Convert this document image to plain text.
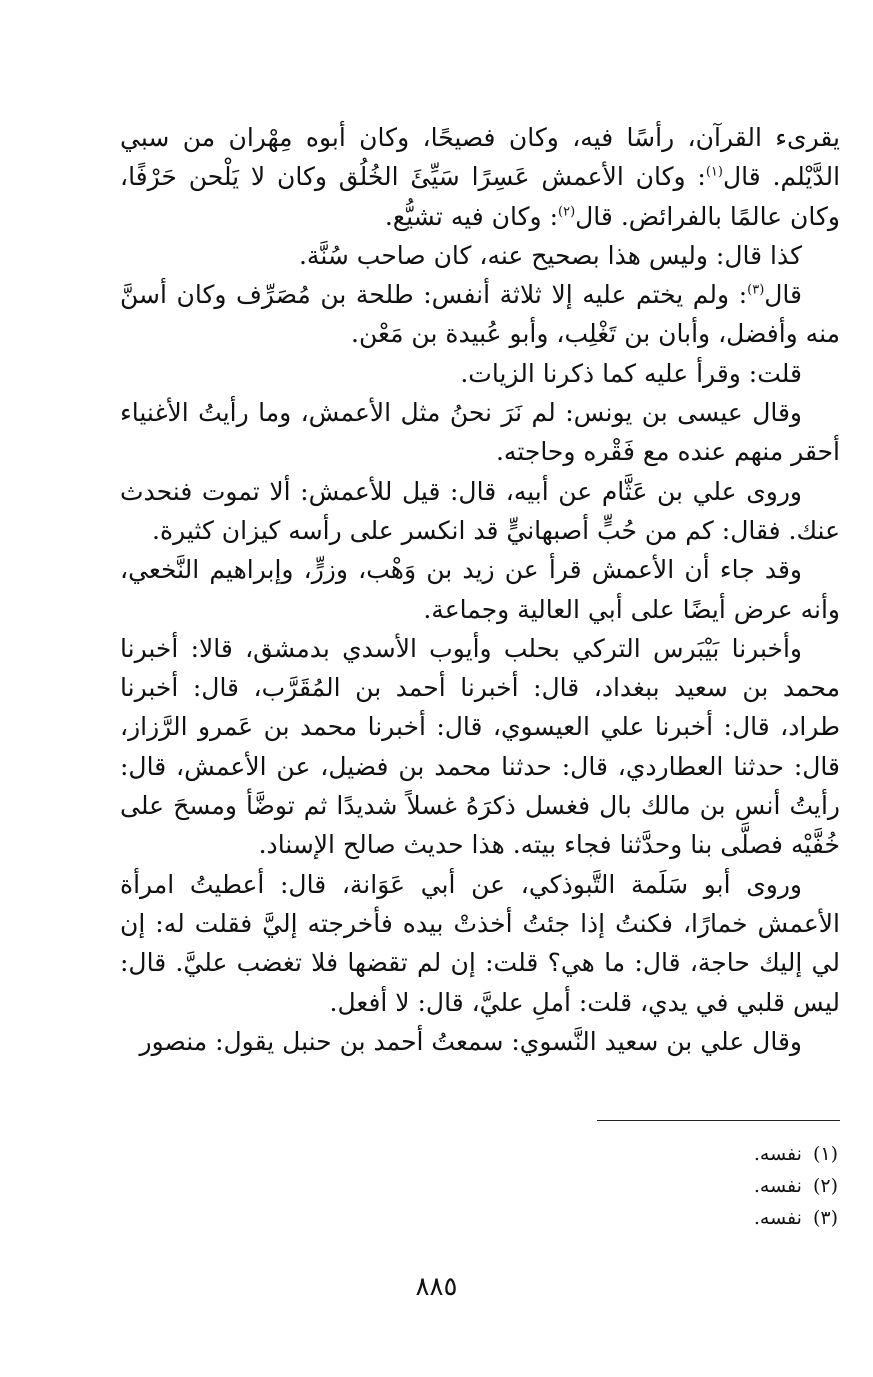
يقرىء القرآن، رأسًا فيه، وكان فصيحًا، وكان أبوه مِهْران من سبي الدَّيْلم. قال$^{(١)}$: وكان الأعمش عَسِرًا سَيِّئَ الخُلُق وكان لا يَلْحن حَرْفًا، وكان عالمًا بالفرائض. قال$^{(٢)}$: وكان فيه تشيُّع.

كذا قال: وليس هذا بصحيح عنه، كان صاحب سُنَّة.

قال$^{(٣)}$: ولم يختم عليه إلا ثلاثة أنفس: طلحة بن مُصَرِّف وكان أسنَّ منه وأفضل، وأبان بن تَغْلِب، وأبو عُبيدة بن مَعْن.

قلت: وقرأ عليه كما ذكرنا الزيات.

وقال عيسى بن يونس: لم نَرَ نحنُ مثل الأعمش، وما رأيتُ الأغنياء أحقر منهم عنده مع فَقْره وحاجته.

وروى علي بن عَثَّام عن أبيه، قال: قيل للأعمش: ألا تموت فنحدث عنك. فقال: كم من حُبٍّ أصبهانيٍّ قد انكسر على رأسه كيزان كثيرة.

وقد جاء أن الأعمش قرأ عن زيد بن وَهْب، وزرٍّ، وإبراهيم النَّخعي، وأنه عرض أيضًا على أبي العالية وجماعة.

وأخبرنا بَيْبَرس التركي بحلب وأيوب الأسدي بدمشق، قالا: أخبرنا محمد بن سعيد ببغداد، قال: أخبرنا أحمد بن المُقَرَّب، قال: أخبرنا طراد، قال: أخبرنا علي العيسوي، قال: أخبرنا محمد بن عَمرو الرَّزاز، قال: حدثنا العطاردي، قال: حدثنا محمد بن فضيل، عن الأعمش، قال: رأيتُ أنس بن مالك بال فغسل ذكرَهُ غسلاً شديدًا ثم توضَّأ ومسحَ على خُفَّيْه فصلَّى بنا وحدَّثنا فجاء بيته. هذا حديث صالح الإسناد.

وروى أبو سَلَمة التَّبوذكي، عن أبي عَوَانة، قال: أعطيتُ امرأة الأعمش خمارًا، فكنتُ إذا جئتُ أخذتْ بيده فأخرجته إليَّ فقلت له: إن لي إليك حاجة، قال: ما هي؟ قلت: إن لم تقضها فلا تغضب عليَّ. قال: ليس قلبي في يدي، قلت: أملِ عليَّ، قال: لا أفعل.

وقال علي بن سعيد النَّسوي: سمعتُ أحمد بن حنبل يقول: منصور

(١) نفسه.

(٢) نفسه.

(٣) نفسه.

٨٨٥
